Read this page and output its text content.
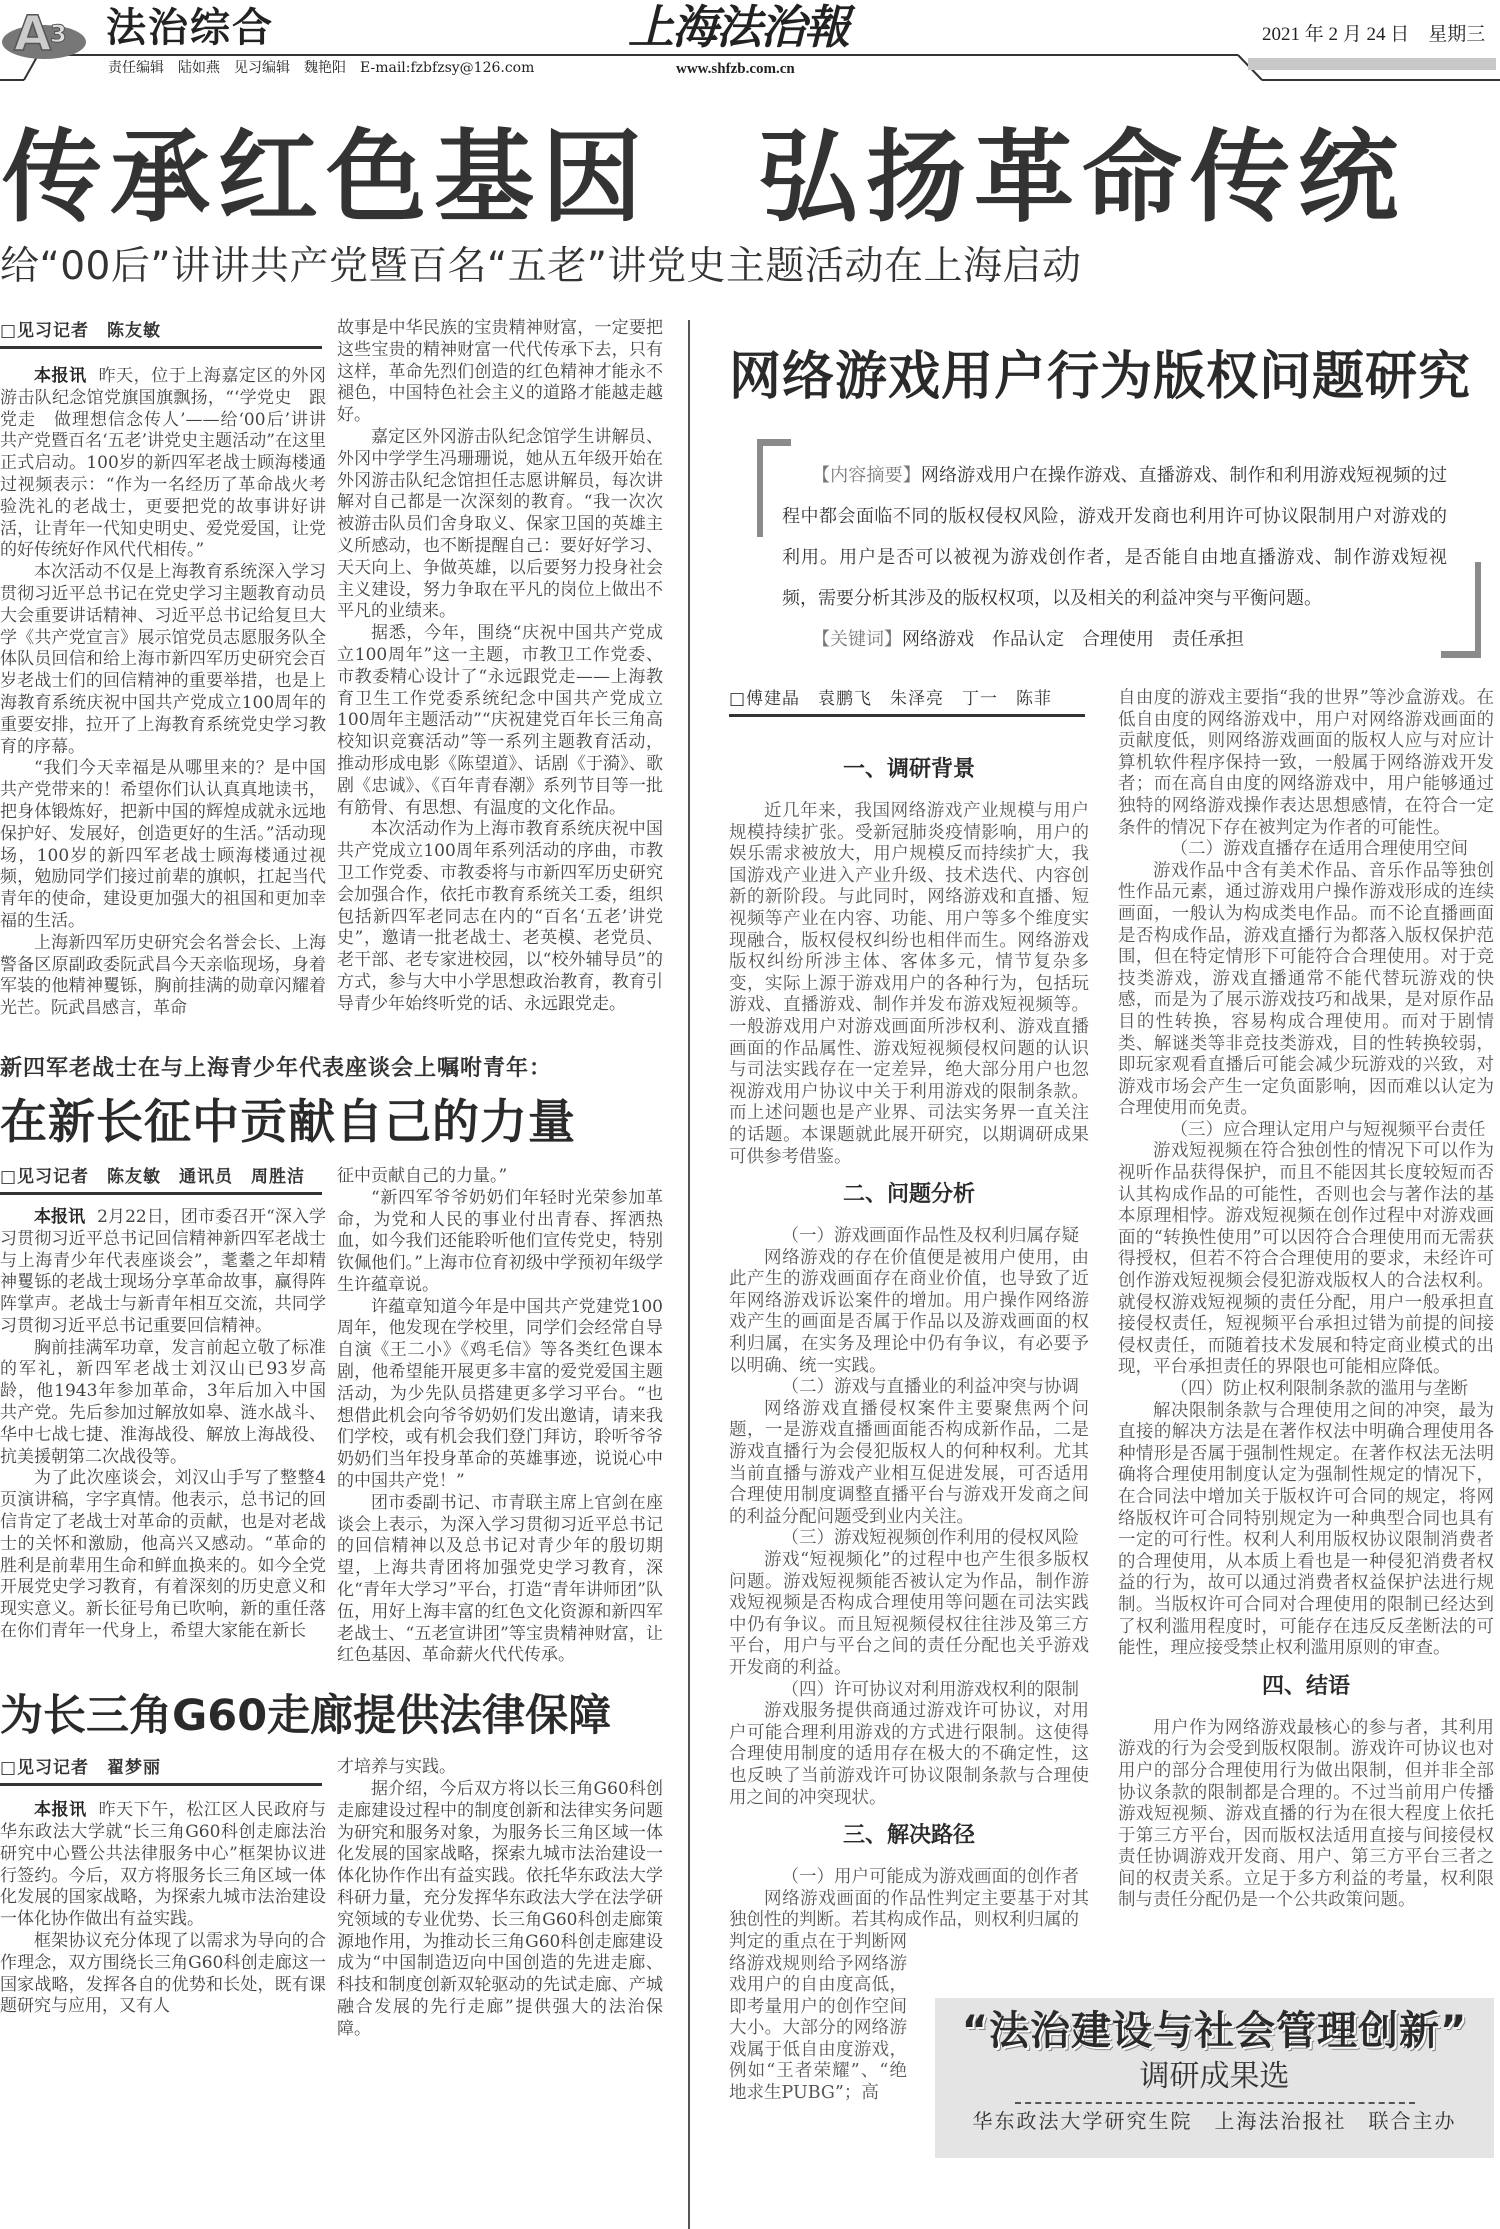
A
3 法治综合	上海法治報	2021 年 2 月 24 日　星期三
责任编辑　陆如燕　见习编辑　魏艳阳　E-mail:fzbfzsy@126.com	www.shfzb.com.cn
传承红色基因　弘扬革命传统
给“00后”讲讲共产党暨百名“五老”讲党史主题活动在上海启动
□见习记者　陈友敏

本报讯 昨天，位于上海嘉定区的外冈游击队纪念馆党旗国旗飘扬，“‘学党史　跟党走　做理想信念传人’——给‘00后’讲讲共产党暨百名‘五老’讲党史主题活动”在这里正式启动。100岁的新四军老战士顾海楼通过视频表示：“作为一名经历了革命战火考验洗礼的老战士，更要把党的故事讲好讲活，让青年一代知史明史、爱党爱国，让党的好传统好作风代代相传。”

本次活动不仅是上海教育系统深入学习贯彻习近平总书记在党史学习主题教育动员大会重要讲话精神、习近平总书记给复旦大学《共产党宣言》展示馆党员志愿服务队全体队员回信和给上海市新四军历史研究会百岁老战士们的回信精神的重要举措，也是上海教育系统庆祝中国共产党成立100周年的重要安排，拉开了上海教育系统党史学习教育的序幕。

“我们今天幸福是从哪里来的？是中国共产党带来的！希望你们认认真真地读书，把身体锻炼好，把新中国的辉煌成就永远地保护好、发展好，创造更好的生活。”活动现场，100岁的新四军老战士顾海楼通过视频，勉励同学们接过前辈的旗帜，扛起当代青年的使命，建设更加强大的祖国和更加幸福的生活。

上海新四军历史研究会名誉会长、上海警备区原副政委阮武昌今天亲临现场，身着军装的他精神矍铄，胸前挂满的勋章闪耀着光芒。阮武昌感言，革命

故事是中华民族的宝贵精神财富，一定要把这些宝贵的精神财富一代代传承下去，只有这样，革命先烈们创造的红色精神才能永不褪色，中国特色社会主义的道路才能越走越好。

嘉定区外冈游击队纪念馆学生讲解员、外冈中学学生冯珊珊说，她从五年级开始在外冈游击队纪念馆担任志愿讲解员，每次讲解对自己都是一次深刻的教育。“我一次次被游击队员们舍身取义、保家卫国的英雄主义所感动，也不断提醒自己：要好好学习、天天向上、争做英雄，以后要努力投身社会主义建设，努力争取在平凡的岗位上做出不平凡的业绩来。

据悉，今年，围绕“庆祝中国共产党成立100周年”这一主题，市教卫工作党委、市教委精心设计了“永远跟党走——上海教育卫生工作党委系统纪念中国共产党成立100周年主题活动”“庆祝建党百年长三角高校知识竞赛活动”等一系列主题教育活动，推动形成电影《陈望道》、话剧《于漪》、歌剧《忠诚》、《百年青春潮》系列节目等一批有筋骨、有思想、有温度的文化作品。

本次活动作为上海市教育系统庆祝中国共产党成立100周年系列活动的序曲，市教卫工作党委、市教委将与市新四军历史研究会加强合作，依托市教育系统关工委，组织包括新四军老同志在内的“百名‘五老’讲党史”，邀请一批老战士、老英模、老党员、老干部、老专家进校园，以“校外辅导员”的方式，参与大中小学思想政治教育，教育引导青少年始终听党的话、永远跟党走。

新四军老战士在与上海青少年代表座谈会上嘱咐青年：
在新长征中贡献自己的力量
□见习记者　陈友敏　通讯员　周胜洁

本报讯 2月22日，团市委召开“深入学习贯彻习近平总书记回信精神新四军老战士与上海青少年代表座谈会”，耄耋之年却精神矍铄的老战士现场分享革命故事，赢得阵阵掌声。老战士与新青年相互交流，共同学习贯彻习近平总书记重要回信精神。

胸前挂满军功章，发言前起立敬了标准的军礼，新四军老战士刘汉山已93岁高龄，他1943年参加革命，3年后加入中国共产党。先后参加过解放如皋、涟水战斗、华中七战七捷、淮海战役、解放上海战役、抗美援朝第二次战役等。

为了此次座谈会，刘汉山手写了整整4页演讲稿，字字真情。他表示，总书记的回信肯定了老战士对革命的贡献，也是对老战士的关怀和激励，他高兴又感动。“革命的胜利是前辈用生命和鲜血换来的。如今全党开展党史学习教育，有着深刻的历史意义和现实意义。新长征号角已吹响，新的重任落在你们青年一代身上，希望大家能在新长

征中贡献自己的力量。”

“新四军爷爷奶奶们年轻时光荣参加革命，为党和人民的事业付出青春、挥洒热血，如今我们还能聆听他们宣传党史，特别钦佩他们。”上海市位育初级中学预初年级学生许蕴章说。

许蕴章知道今年是中国共产党建党100周年，他发现在学校里，同学们会经常自导自演《王二小》《鸡毛信》等各类红色课本剧，他希望能开展更多丰富的爱党爱国主题活动，为少先队员搭建更多学习平台。“也想借此机会向爷爷奶奶们发出邀请，请来我们学校，或有机会我们登门拜访，聆听爷爷奶奶们当年投身革命的英雄事迹，说说心中的中国共产党！”

团市委副书记、市青联主席上官剑在座谈会上表示，为深入学习贯彻习近平总书记的回信精神以及总书记对青少年的殷切期望，上海共青团将加强党史学习教育，深化“青年大学习”平台，打造“青年讲师团”队伍，用好上海丰富的红色文化资源和新四军老战士、“五老宣讲团”等宝贵精神财富，让红色基因、革命薪火代代传承。

为长三角G60走廊提供法律保障
□见习记者　翟梦丽

本报讯 昨天下午，松江区人民政府与华东政法大学就“长三角G60科创走廊法治研究中心暨公共法律服务中心”框架协议进行签约。今后，双方将服务长三角区域一体化发展的国家战略，为探索九城市法治建设一体化协作做出有益实践。

框架协议充分体现了以需求为导向的合作理念，双方围绕长三角G60科创走廊这一国家战略，发挥各自的优势和长处，既有课题研究与应用，又有人

才培养与实践。

据介绍，今后双方将以长三角G60科创走廊建设过程中的制度创新和法律实务问题为研究和服务对象，为服务长三角区域一体化发展的国家战略，探索九城市法治建设一体化协作作出有益实践。依托华东政法大学科研力量，充分发挥华东政法大学在法学研究领域的专业优势、长三角G60科创走廊策源地作用，为推动长三角G60科创走廊建设成为“中国制造迈向中国创造的先进走廊、科技和制度创新双轮驱动的先试走廊、产城融合发展的先行走廊”提供强大的法治保障。

网络游戏用户行为版权问题研究

【内容摘要】网络游戏用户在操作游戏、直播游戏、制作和利用游戏短视频的过程中都会面临不同的版权侵权风险，游戏开发商也利用许可协议限制用户对游戏的利用。用户是否可以被视为游戏创作者，是否能自由地直播游戏、制作游戏短视频，需要分析其涉及的版权权项，以及相关的利益冲突与平衡问题。

【关键词】网络游戏　作品认定　合理使用　责任承担

□傅建晶　袁鹏飞　朱泽亮　丁一　陈菲

一、调研背景

近几年来，我国网络游戏产业规模与用户规模持续扩张。受新冠肺炎疫情影响，用户的娱乐需求被放大，用户规模反而持续扩大，我国游戏产业进入产业升级、技术迭代、内容创新的新阶段。与此同时，网络游戏和直播、短视频等产业在内容、功能、用户等多个维度实现融合，版权侵权纠纷也相伴而生。网络游戏版权纠纷所涉主体、客体多元，情节复杂多变，实际上源于游戏用户的各种行为，包括玩游戏、直播游戏、制作并发布游戏短视频等。一般游戏用户对游戏画面所涉权利、游戏直播画面的作品属性、游戏短视频侵权问题的认识与司法实践存在一定差异，绝大部分用户也忽视游戏用户协议中关于利用游戏的限制条款。而上述问题也是产业界、司法实务界一直关注的话题。本课题就此展开研究，以期调研成果可供参考借鉴。

二、问题分析

（一）游戏画面作品性及权利归属存疑

网络游戏的存在价值便是被用户使用，由此产生的游戏画面存在商业价值，也导致了近年网络游戏诉讼案件的增加。用户操作网络游戏产生的画面是否属于作品以及游戏画面的权利归属，在实务及理论中仍有争议，有必要予以明确、统一实践。

（二）游戏与直播业的利益冲突与协调

网络游戏直播侵权案件主要聚焦两个问题，一是游戏直播画面能否构成新作品，二是游戏直播行为会侵犯版权人的何种权利。尤其当前直播与游戏产业相互促进发展，可否适用合理使用制度调整直播平台与游戏开发商之间的利益分配问题受到业内关注。

（三）游戏短视频创作利用的侵权风险

游戏“短视频化”的过程中也产生很多版权问题。游戏短视频能否被认定为作品，制作游戏短视频是否构成合理使用等问题在司法实践中仍有争议。而且短视频侵权往往涉及第三方平台，用户与平台之间的责任分配也关乎游戏开发商的利益。

（四）许可协议对利用游戏权利的限制

游戏服务提供商通过游戏许可协议，对用户可能合理利用游戏的方式进行限制。这使得合理使用制度的适用存在极大的不确定性，这也反映了当前游戏许可协议限制条款与合理使用之间的冲突现状。

三、解决路径

（一）用户可能成为游戏画面的创作者

网络游戏画面的作品性判定主要基于对其独创性的判断。若其构成作品，则权利归属的

自由度的游戏主要指“我的世界”等沙盒游戏。在低自由度的网络游戏中，用户对网络游戏画面的贡献度低，则网络游戏画面的版权人应与对应计算机软件程序保持一致，一般属于网络游戏开发者；而在高自由度的网络游戏中，用户能够通过独特的网络游戏操作表达思想感情，在符合一定条件的情况下存在被判定为作者的可能性。

（二）游戏直播存在适用合理使用空间

游戏作品中含有美术作品、音乐作品等独创性作品元素，通过游戏用户操作游戏形成的连续画面，一般认为构成类电作品。而不论直播画面是否构成作品，游戏直播行为都落入版权保护范围，但在特定情形下可能符合合理使用。对于竞技类游戏，游戏直播通常不能代替玩游戏的快感，而是为了展示游戏技巧和战果，是对原作品目的性转换，容易构成合理使用。而对于剧情类、解谜类等非竞技类游戏，目的性转换较弱，即玩家观看直播后可能会减少玩游戏的兴致，对游戏市场会产生一定负面影响，因而难以认定为合理使用而免责。

（三）应合理认定用户与短视频平台责任

游戏短视频在符合独创性的情况下可以作为视听作品获得保护，而且不能因其长度较短而否认其构成作品的可能性，否则也会与著作法的基本原理相悖。游戏短视频在创作过程中对游戏画面的“转换性使用”可以因符合合理使用而无需获得授权，但若不符合合理使用的要求，未经许可创作游戏短视频会侵犯游戏版权人的合法权利。就侵权游戏短视频的责任分配，用户一般承担直接侵权责任，短视频平台承担过错为前提的间接侵权责任，而随着技术发展和特定商业模式的出现，平台承担责任的界限也可能相应降低。

（四）防止权利限制条款的滥用与垄断

解决限制条款与合理使用之间的冲突，最为直接的解决方法是在著作权法中明确合理使用各种情形是否属于强制性规定。在著作权法无法明确将合理使用制度认定为强制性规定的情况下，在合同法中增加关于版权许可合同的规定，将网络版权许可合同特别规定为一种典型合同也具有一定的可行性。权利人利用版权协议限制消费者的合理使用，从本质上看也是一种侵犯消费者权益的行为，故可以通过消费者权益保护法进行规制。当版权许可合同对合理使用的限制已经达到了权利滥用程度时，可能存在违反反垄断法的可能性，理应接受禁止权利滥用原则的审查。

四、结语

用户作为网络游戏最核心的参与者，其利用游戏的行为会受到版权限制。游戏许可协议也对用户的部分合理使用行为做出限制，但并非全部协议条款的限制都是合理的。不过当前用户传播游戏短视频、游戏直播的行为在很大程度上依托于第三方平台，因而版权法适用直接与间接侵权责任协调游戏开发商、用户、第三方平台三者之间的权责关系。立足于多方利益的考量，权利限制与责任分配仍是一个公共政策问题。

判定的重点在于判断网络游戏规则给予网络游戏用户的自由度高低，即考量用户的创作空间大小。大部分的网络游戏属于低自由度游戏，例如“王者荣耀”、“绝地求生PUBG”；高

“法治建设与社会管理创新”
调研成果选
华东政法大学研究生院　上海法治报社　联合主办
